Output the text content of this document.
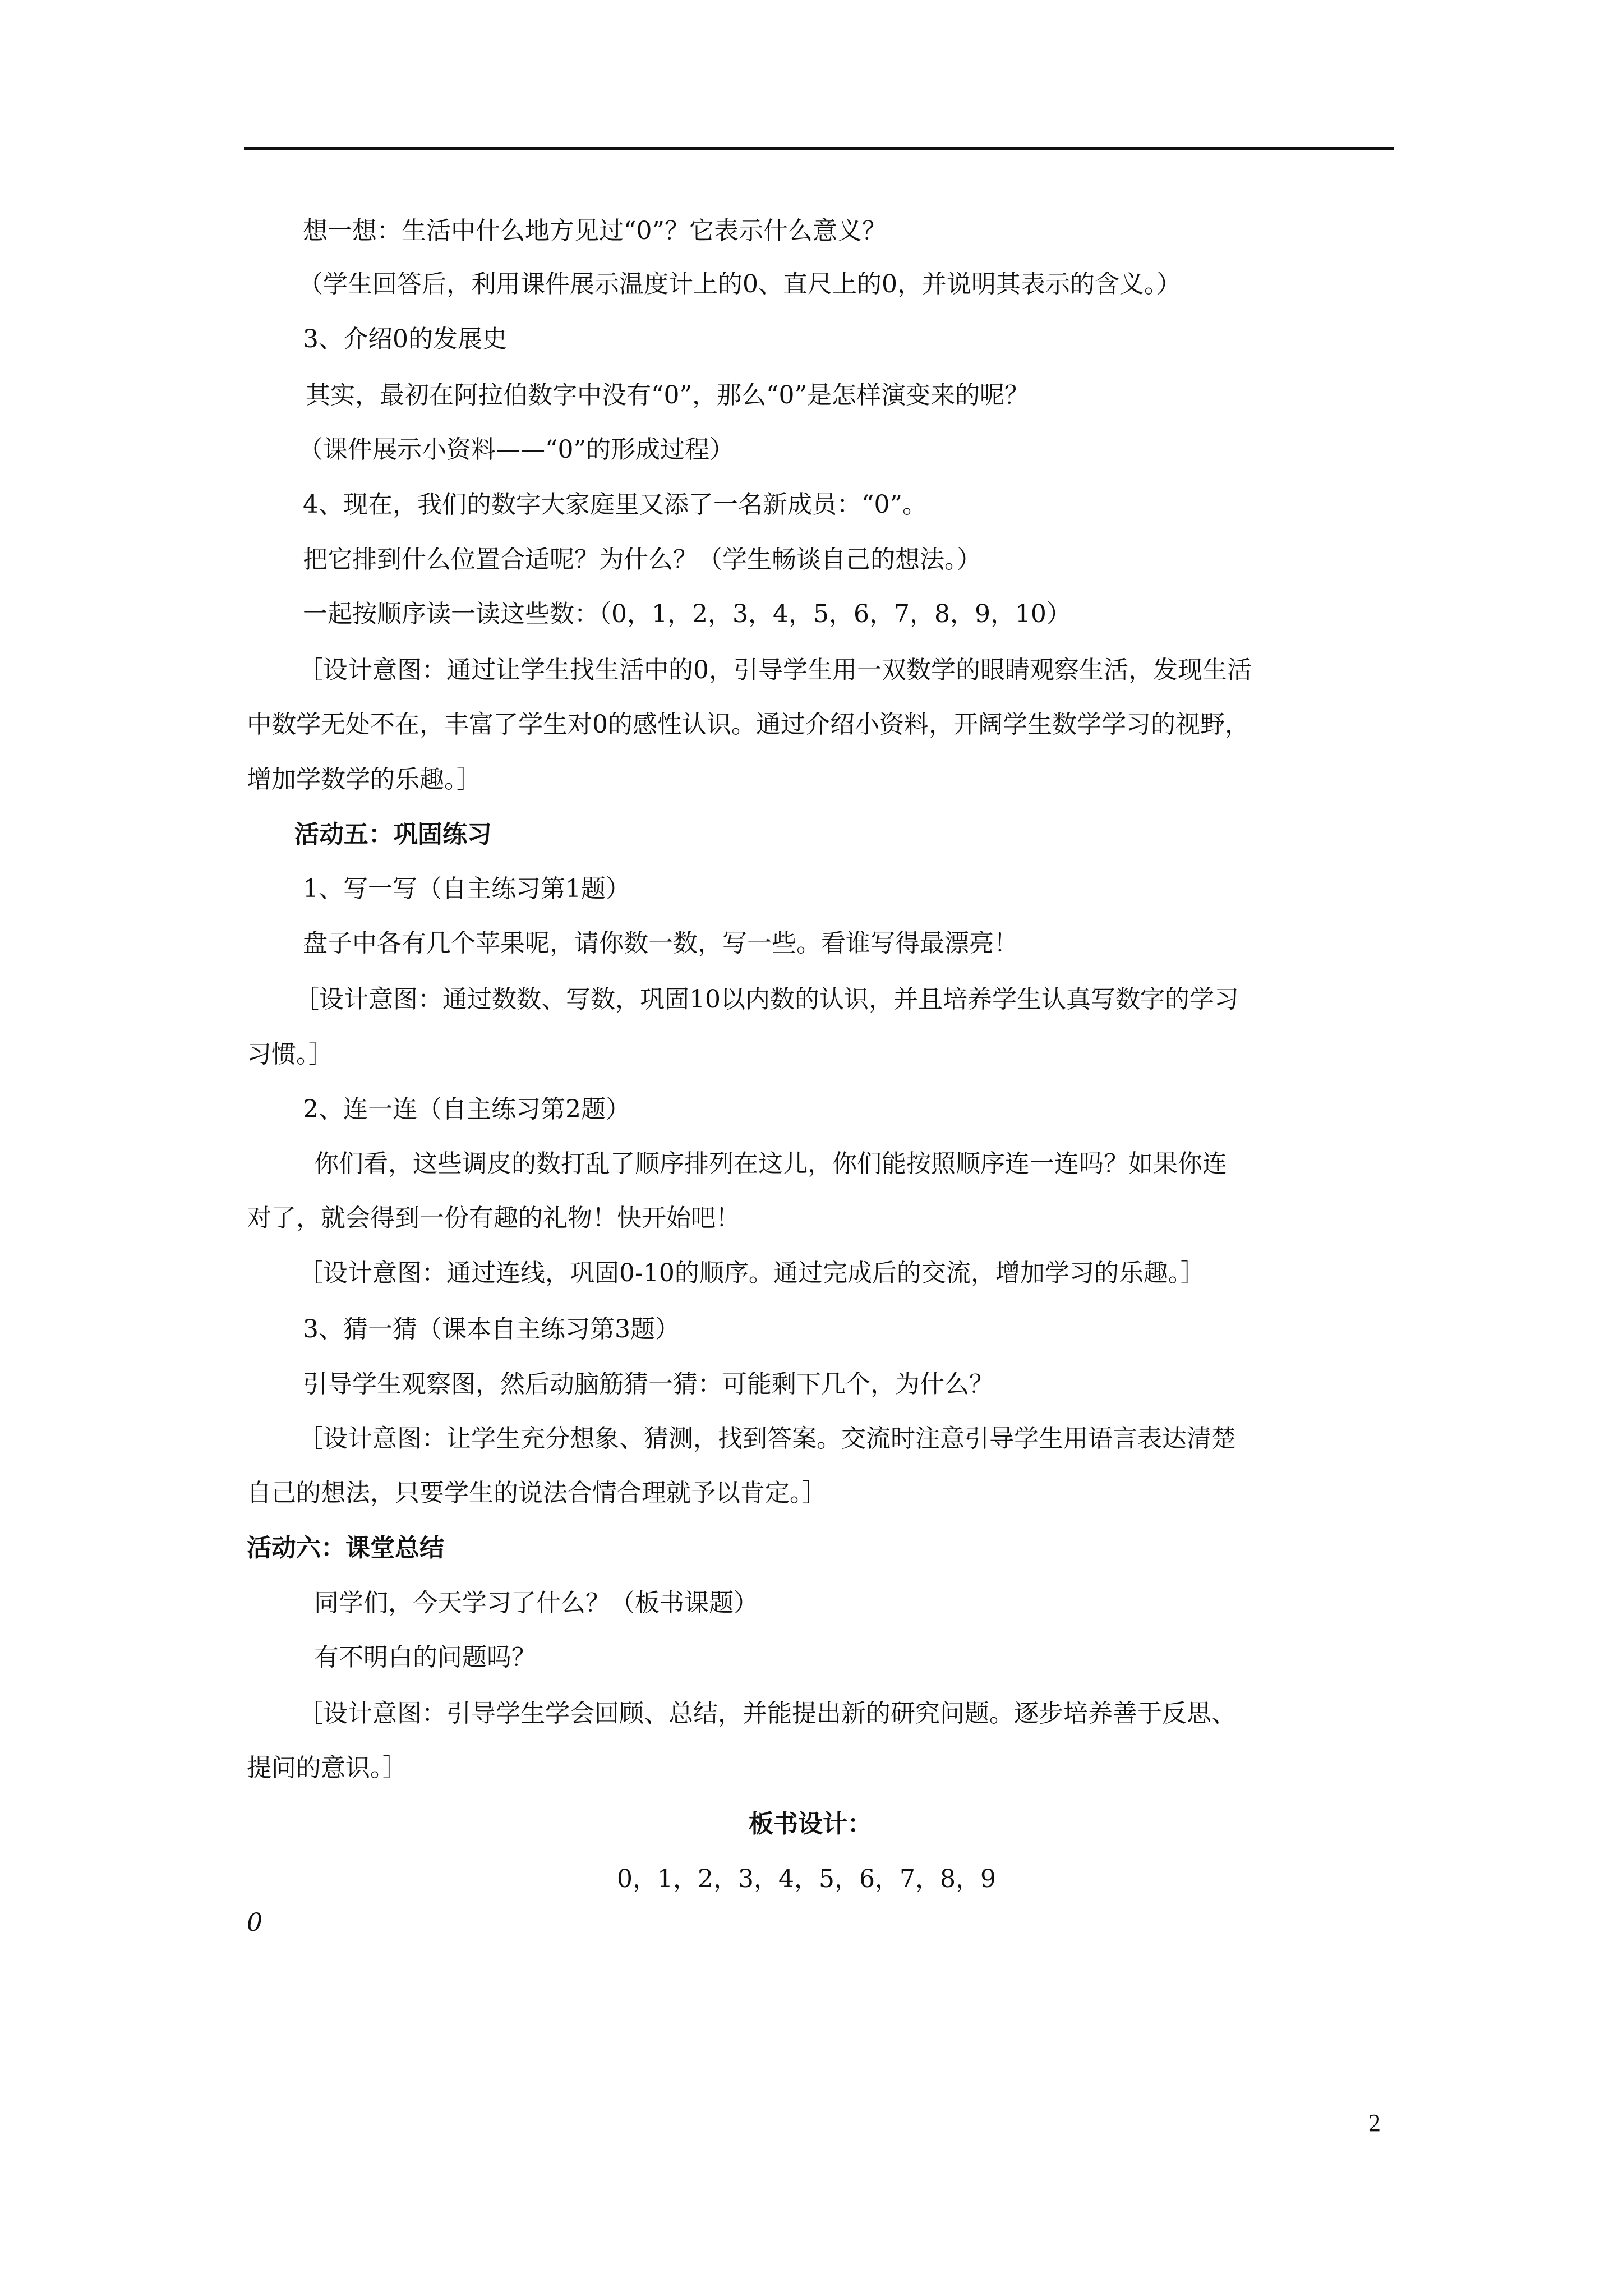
想一想：生活中什么地方见过“0”？它表示什么意义？
（学生回答后，利用课件展示温度计上的0、直尺上的0，并说明其表示的含义。）
3、介绍0的发展史
其实，最初在阿拉伯数字中没有“0”，那么“0”是怎样演变来的呢？
（课件展示小资料——“0”的形成过程）
4、现在，我们的数字大家庭里又添了一名新成员：“0”。
把它排到什么位置合适呢？为什么？（学生畅谈自己的想法。）
一起按顺序读一读这些数：（0，1，2，3，4，5，6，7，8，9，10）
［设计意图：通过让学生找生活中的0，引导学生用一双数学的眼睛观察生活，发现生活
中数学无处不在，丰富了学生对0的感性认识。通过介绍小资料，开阔学生数学学习的视野，
增加学数学的乐趣。］
活动五：巩固练习
1、写一写（自主练习第1题）
盘子中各有几个苹果呢，请你数一数，写一些。看谁写得最漂亮！
［设计意图：通过数数、写数，巩固10以内数的认识，并且培养学生认真写数字的学习
习惯。］
2、连一连（自主练习第2题）
你们看，这些调皮的数打乱了顺序排列在这儿，你们能按照顺序连一连吗？如果你连
对了，就会得到一份有趣的礼物！快开始吧！
［设计意图：通过连线，巩固0-10的顺序。通过完成后的交流，增加学习的乐趣。］
3、猜一猜（课本自主练习第3题）
引导学生观察图，然后动脑筋猜一猜：可能剩下几个，为什么？
［设计意图：让学生充分想象、猜测，找到答案。交流时注意引导学生用语言表达清楚
自己的想法，只要学生的说法合情合理就予以肯定。］
活动六：课堂总结
同学们，今天学习了什么？（板书课题）
有不明白的问题吗？
［设计意图：引导学生学会回顾、总结，并能提出新的研究问题。逐步培养善于反思、
提问的意识。］
板书设计：
0，1，2，3，4，5，6，7，8，9
0
2
